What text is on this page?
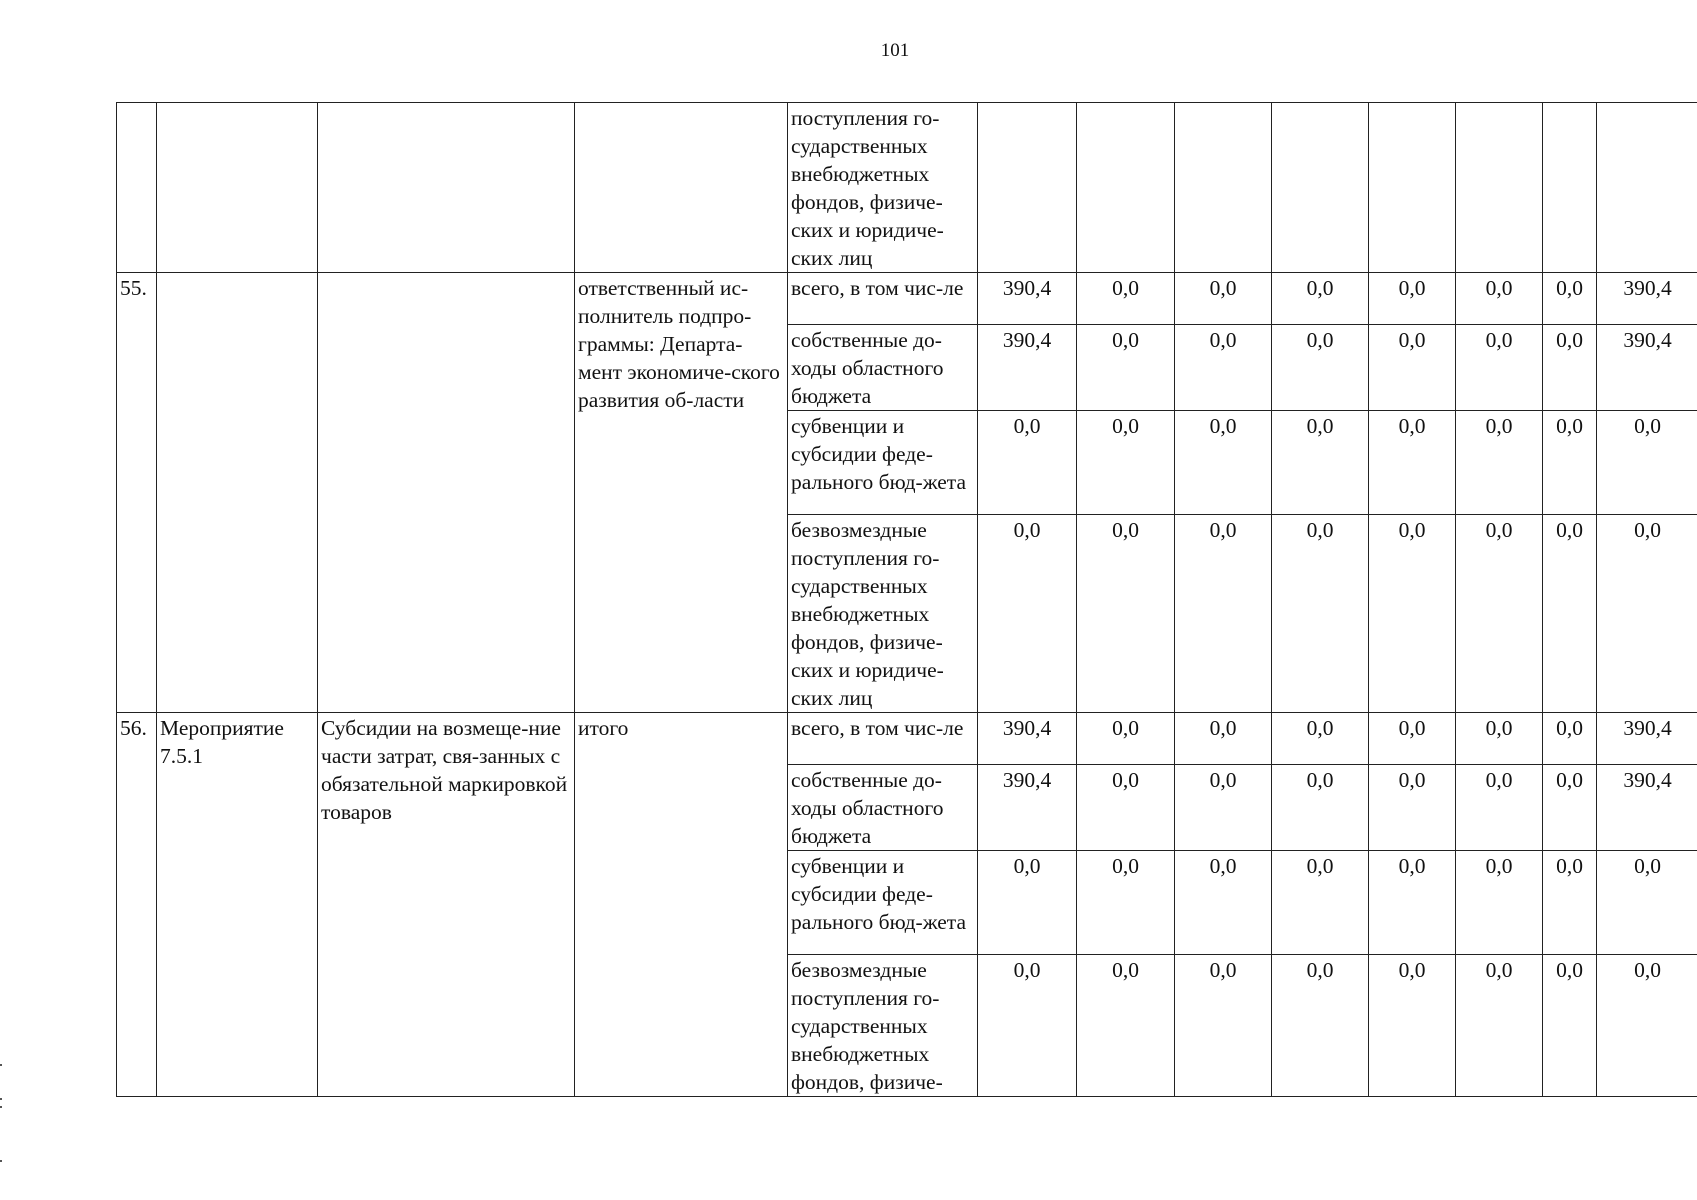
101
				поступления го-сударственных внебюджетных фондов, физиче-ских и юридиче-ских лиц								
55.			ответственный ис-полнитель подпро-граммы: Департа-мент экономиче-ского развития об-ласти	всего, в том чис-ле	390,4	0,0	0,0	0,0	0,0	0,0	0,0	390,4
				собственные до-ходы областного бюджета	390,4	0,0	0,0	0,0	0,0	0,0	0,0	390,4
				субвенции и субсидии феде-рального бюд-жета	0,0	0,0	0,0	0,0	0,0	0,0	0,0	0,0
				безвозмездные поступления го-сударственных внебюджетных фондов, физиче-ских и юридиче-ских лиц	0,0	0,0	0,0	0,0	0,0	0,0	0,0	0,0
56.	Мероприятие 7.5.1	Субсидии на возмеще-ние части затрат, свя-занных с обязательной маркировкой товаров	итого	всего, в том чис-ле	390,4	0,0	0,0	0,0	0,0	0,0	0,0	390,4
				собственные до-ходы областного бюджета	390,4	0,0	0,0	0,0	0,0	0,0	0,0	390,4
				субвенции и субсидии феде-рального бюд-жета	0,0	0,0	0,0	0,0	0,0	0,0	0,0	0,0
				безвозмездные поступления го-сударственных внебюджетных фондов, физиче-	0,0	0,0	0,0	0,0	0,0	0,0	0,0	0,0
